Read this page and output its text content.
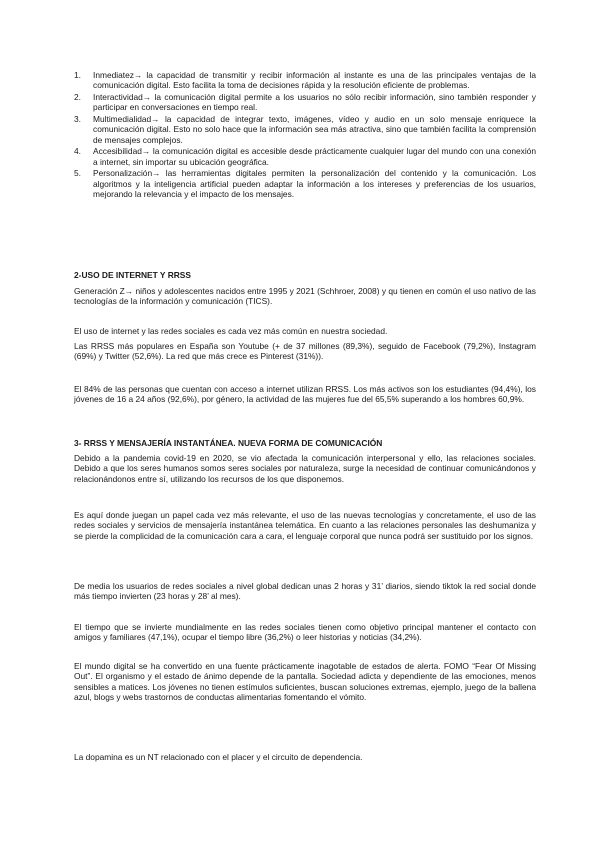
1.	Inmediatez→ la capacidad de transmitir y recibir información al instante es una de las principales ventajas de la comunicación digital. Esto facilita la toma de decisiones rápida y la resolución eficiente de problemas.
2.	Interactividad→ la comunicación digital permite a los usuarios no sólo recibir información, sino también responder y participar en conversaciones en tiempo real.
3.	Multimedialidad→ la capacidad de integrar texto, imágenes, vídeo y audio en un solo mensaje enriquece la comunicación digital. Esto no solo hace que la información sea más atractiva, sino que también facilita la comprensión de mensajes complejos.
4.	Accesibilidad→ la comunicación digital es accesible desde prácticamente cualquier lugar del mundo con una conexión a internet, sin importar su ubicación geográfica.
5.	Personalización→ las herramientas digitales permiten la personalización del contenido y la comunicación. Los algoritmos y la inteligencia artificial pueden adaptar la información a los intereses y preferencias de los usuarios, mejorando la relevancia y el impacto de los mensajes.

2-USO DE INTERNET Y RRSS

Generación Z→ niños y adolescentes nacidos entre 1995 y 2021 (Schhroer, 2008) y qu tienen en común el uso nativo de las tecnologías de la información y comunicación (TICS).

El uso de internet y las redes sociales es cada vez más común en nuestra sociedad.

Las RRSS más populares en España son Youtube (+ de 37 millones (89,3%), seguido de Facebook (79,2%), Instagram (69%) y Twitter (52,6%). La red que más crece es Pinterest (31%)).

El 84% de las personas que cuentan con acceso a internet utilizan RRSS. Los más activos son los estudiantes (94,4%), los jóvenes de 16 a 24 años (92,6%), por género, la actividad de las mujeres fue del 65,5% superando a los hombres 60,9%.

3- RRSS Y MENSAJERÍA INSTANTÁNEA. NUEVA FORMA DE COMUNICACIÓN

Debido a la pandemia covid-19 en 2020, se vio afectada la comunicación interpersonal y ello, las relaciones sociales. Debido a que los seres humanos somos seres sociales por naturaleza, surge la necesidad de continuar comunicándonos y relacionándonos entre sí, utilizando los recursos de los que disponemos.

Es aquí donde juegan un papel cada vez más relevante, el uso de las nuevas tecnologías y concretamente, el uso de las redes sociales y servicios de mensajería instantánea telemática. En cuanto a las relaciones personales las deshumaniza y se pierde la complicidad de la comunicación cara a cara, el lenguaje corporal que nunca podrá ser sustituido por los signos.

De media los usuarios de redes sociales a nivel global dedican unas 2 horas y 31’ diarios, siendo tiktok la red social donde más tiempo invierten (23 horas y 28’ al mes).

El tiempo que se invierte mundialmente en las redes sociales tienen como objetivo principal mantener el contacto con amigos y familiares (47,1%), ocupar el tiempo libre (36,2%) o leer historias y noticias (34,2%).

El mundo digital se ha convertido en una fuente prácticamente inagotable de estados de alerta. FOMO “Fear Of Missing Out”. El organismo y el estado de ánimo depende de la pantalla. Sociedad adicta y dependiente de las emociones, menos sensibles a matices. Los jóvenes no tienen estímulos suficientes, buscan soluciones extremas, ejemplo, juego de la ballena azul, blogs y webs trastornos de conductas alimentarias fomentando el vómito.

La dopamina es un NT relacionado con el placer y el circuito de dependencia.
